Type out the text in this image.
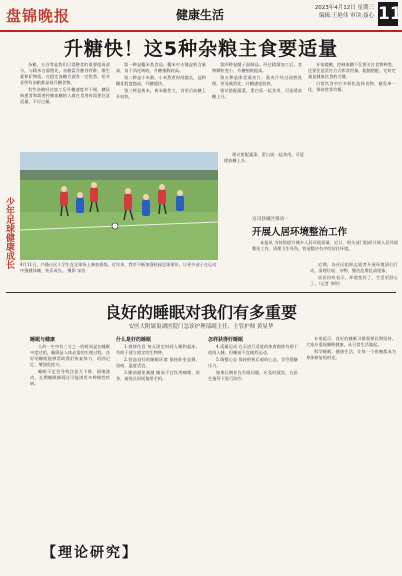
盘锦晚报	健康生活	2023年4月12日 星期三
编辑:王艳伟 审读:聂心 11
升糖快！这5种杂粮主食要适量

杂粮、五谷等是我们日常膳食的重要组成部分，与精米白面相比，杂粮富含膳食纤维、维生素和矿物质，在稳定血糖方面有一定优势。但并非所有杂粮都是低升糖食物。

有些杂粮经过加工后升糖速度并不慢，糖尿病患者和需要控制血糖的人群在食用时需要注意适量，不可过量。

第一种是糯米类食品。糯米中支链淀粉含量高，易于消化吸收，升糖指数较高。

第二种是小米粥。小米熬煮时间越长，淀粉糊化程度越高，升糖越快。

第三种是黄米。黄米黏性大，食用后血糖上升较快。

第四种是糜子面制品。经过精细加工后，食物颗粒变小，升糖指数提高。

第五种是即食燕麦片。燕麦片经过预熟处理，更易被消化，升糖速度较快。

建议搭配蔬菜、蛋白质一起食用，可延缓血糖上升。

专家提醒，控制血糖不仅要关注食物种类，还要注意烹饪方式和食用量。粗细搭配、定时定量是健康饮食的关键。

日常饮食中应多样化选择食物，避免单一化，保持营养均衡。

少年足球健康成长 4月11日，兴隆台区小学生在足球场上参加训练。近年来，我市不断加强校园足球建设，让更多孩子在运动中强健体魄、快乐成长。 摄影 宋浩

建议搭配蔬菜、蛋白质一起食用，可延缓血糖上升。

宣司县城区推动一
开展人居环境整治工作

本报讯 为持续提升城乡人居环境质量，近日，相关部门组织开展人居环境整治工作，清理卫生死角，营造整洁有序的居住环境。

近期，各社区组织志愿者开展环境清扫行动，清理垃圾、杂物，整治乱堆乱放现象。

居民纷纷表示，环境变好了，生活更舒心了。（记者 李明）

良好的睡眠对我们有多重要
安医大附属巢湖医院门急诊护理部副主任、主管护师 黄显华
睡眠与健康

人的一生中有三分之一的时间是在睡眠中度过的，睡眠是人体必需的生理过程。良好的睡眠能够帮助我们恢复体力、巩固记忆、增强免疫力。

睡眠不足会导致注意力下降、情绪波动，长期睡眠障碍还可能诱发多种慢性疾病。

什么是好的睡眠

1.规律作息 每天固定时间入睡和起床，有助于建立稳定的生物钟。

2.营造良好的睡眠环境 保持卧室安静、黑暗、温度适宜。

3.睡前避免刺激 睡前不宜饮用咖啡、浓茶，避免长时间使用手机。

怎样获得好睡眠

4.适量运动 白天进行适度的体育锻炼有助于夜间入睡，但睡前不宜剧烈运动。

5.调整心态 保持积极乐观的心态，学会缓解压力。

如果长期存在失眠问题，应及时就医，在医生指导下进行治疗。

专家提示，良好的睡眠习惯需要长期坚持，大家应重视睡眠健康，从日常生活做起。

科学睡眠，健康生活，让每一个夜晚都成为身体修复的时光。

【理论研究】
